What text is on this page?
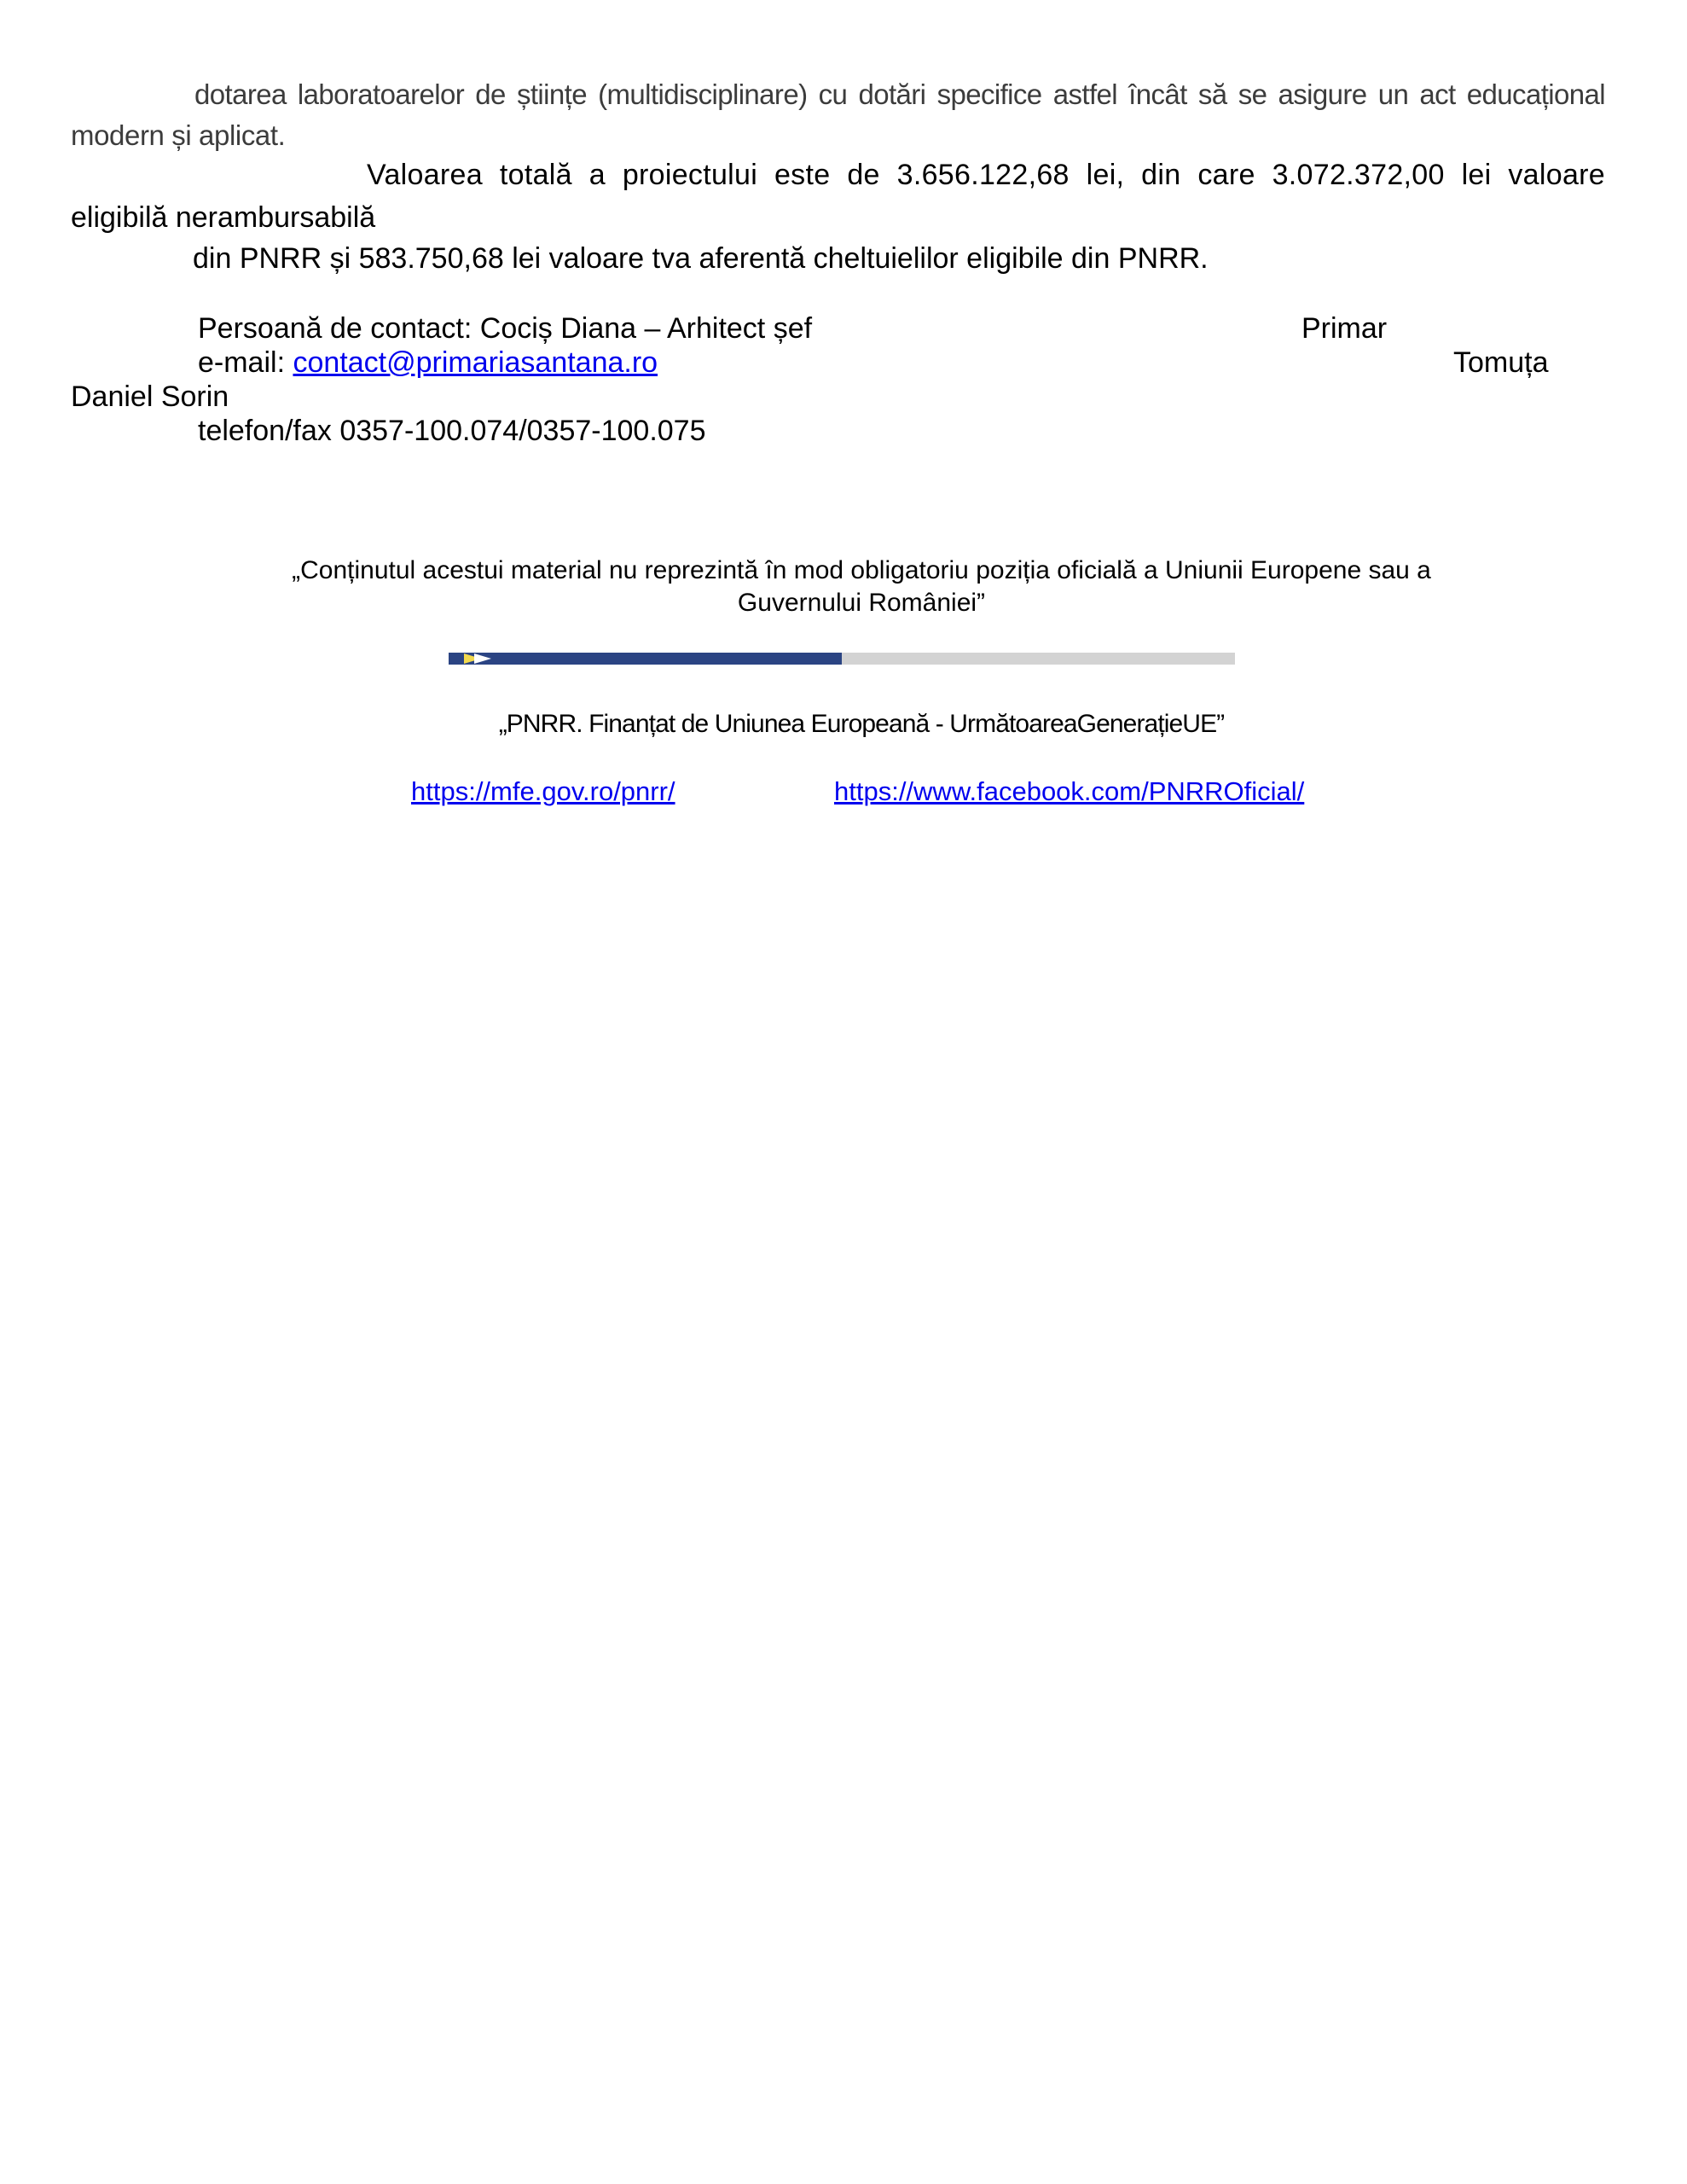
dotarea laboratoarelor de științe (multidisciplinare) cu dotări specifice astfel încât să se asigure un act educațional
modern și aplicat.
Valoarea totală a proiectului este de 3.656.122,68 lei, din care 3.072.372,00 lei valoare
eligibilă nerambursabilă
din PNRR și 583.750,68 lei valoare tva aferentă cheltuielilor eligibile din PNRR.
Persoană de contact: Cociș Diana – Arhitect șef	Primar
e-mail: contact@primariasantana.ro	Tomuța
Daniel Sorin
telefon/fax 0357-100.074/0357-100.075
„Conținutul acestui material nu reprezintă în mod obligatoriu poziția oficială a Uniunii Europene sau a Guvernului României”
„PNRR. Finanțat de Uniunea Europeană - UrmătoareaGenerațieUE”
https://mfe.gov.ro/pnrr/	https://www.facebook.com/PNRROficial/
